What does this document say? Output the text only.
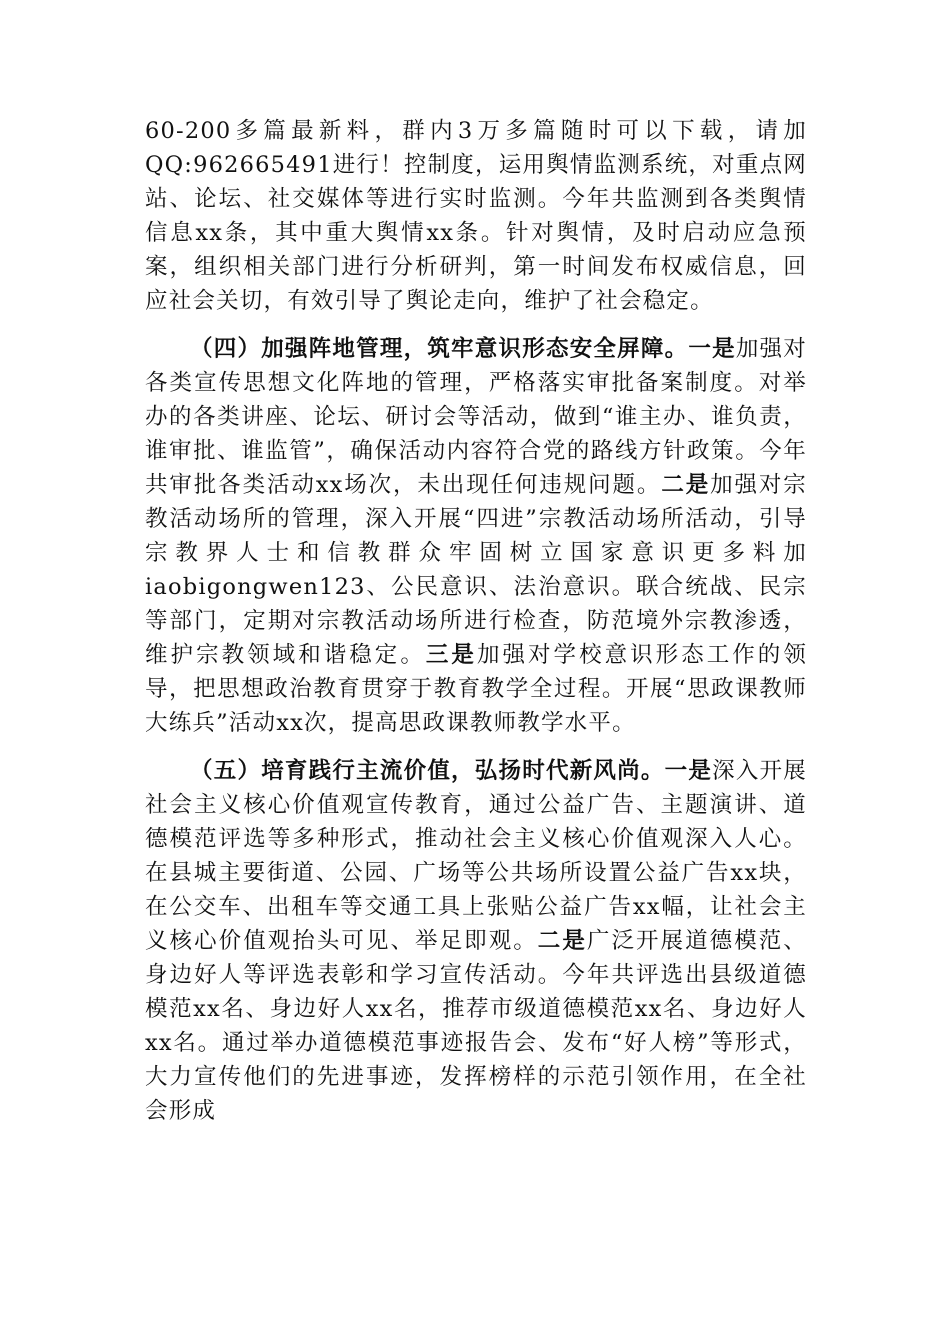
60-200多篇最新料，群内3万多篇随时可以下载，请加QQ:962665491进行！控制度，运用舆情监测系统，对重点网站、论坛、社交媒体等进行实时监测。今年共监测到各类舆情信息xx条，其中重大舆情xx条。针对舆情，及时启动应急预案，组织相关部门进行分析研判，第一时间发布权威信息，回应社会关切，有效引导了舆论走向，维护了社会稳定。

（四）加强阵地管理，筑牢意识形态安全屏障。一是加强对各类宣传思想文化阵地的管理，严格落实审批备案制度。对举办的各类讲座、论坛、研讨会等活动，做到“谁主办、谁负责，谁审批、谁监管”，确保活动内容符合党的路线方针政策。今年共审批各类活动xx场次，未出现任何违规问题。二是加强对宗教活动场所的管理，深入开展“四进”宗教活动场所活动，引导宗教界人士和信教群众牢固树立国家意识更多料加iaobigongwen123、公民意识、法治意识。联合统战、民宗等部门，定期对宗教活动场所进行检查，防范境外宗教渗透，维护宗教领域和谐稳定。三是加强对学校意识形态工作的领导，把思想政治教育贯穿于教育教学全过程。开展“思政课教师大练兵”活动xx次，提高思政课教师教学水平。

（五）培育践行主流价值，弘扬时代新风尚。一是深入开展社会主义核心价值观宣传教育，通过公益广告、主题演讲、道德模范评选等多种形式，推动社会主义核心价值观深入人心。在县城主要街道、公园、广场等公共场所设置公益广告xx块，在公交车、出租车等交通工具上张贴公益广告xx幅，让社会主义核心价值观抬头可见、举足即观。二是广泛开展道德模范、身边好人等评选表彰和学习宣传活动。今年共评选出县级道德模范xx名、身边好人xx名，推荐市级道德模范xx名、身边好人xx名。通过举办道德模范事迹报告会、发布“好人榜”等形式，大力宣传他们的先进事迹，发挥榜样的示范引领作用，在全社会形成
